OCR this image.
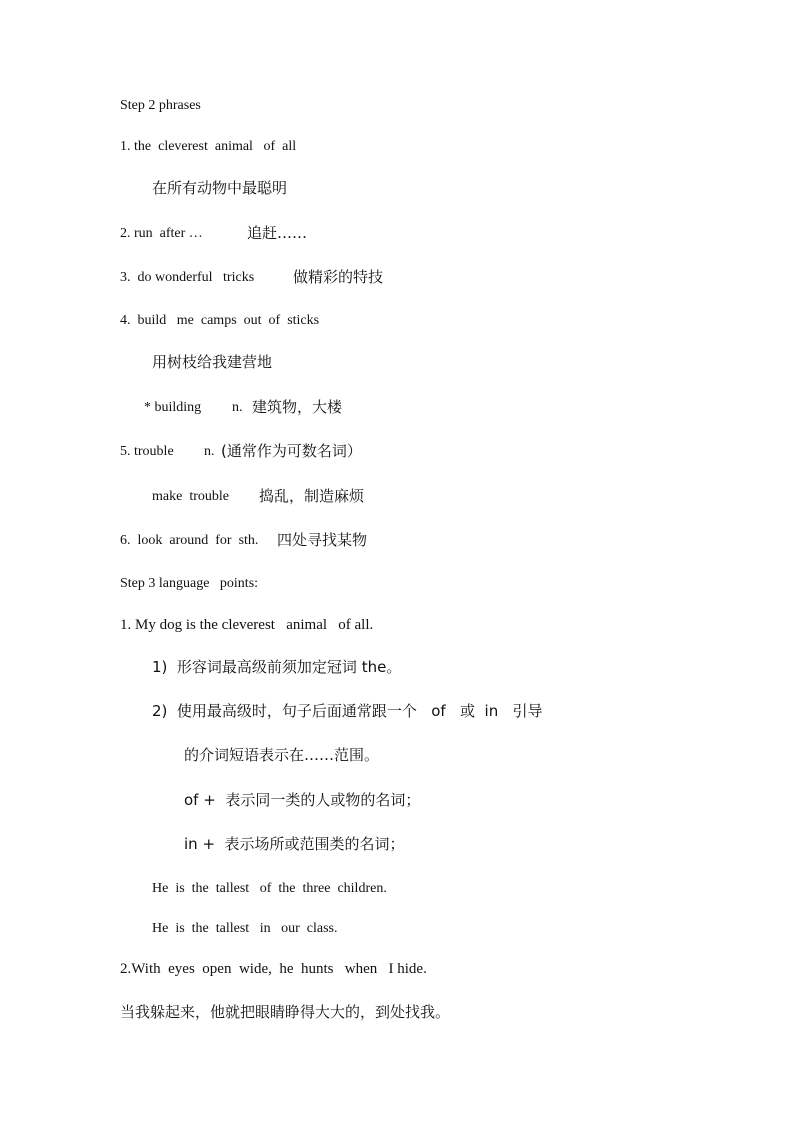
Step 2 phrases
1. the  cleverest  animal   of  all
在所有动物中最聪明
2. run  after …	追赶……
3.  do wonderful   tricks	做精彩的特技
4.  build   me  camps  out  of  sticks
用树枝给我建营地
* building n. 建筑物，大楼
5. trouble n. (通常作为可数名词）
make  trouble 捣乱，制造麻烦
6.  look  around  for  sth. 四处寻找某物
Step 3 language   points:
1. My dog is the cleverest   animal   of all.
1)  形容词最高级前须加定冠词 the。
2)  使用最高级时，句子后面通常跟一个   of   或  in   引导
的介词短语表示在……范围。
of +  表示同一类的人或物的名词；
in +  表示场所或范围类的名词；
He  is  the  tallest   of  the  three  children.
He  is  the  tallest   in   our  class.
2.With  eyes  open  wide,  he  hunts   when   I hide.
当我躲起来，他就把眼睛睁得大大的，到处找我。
